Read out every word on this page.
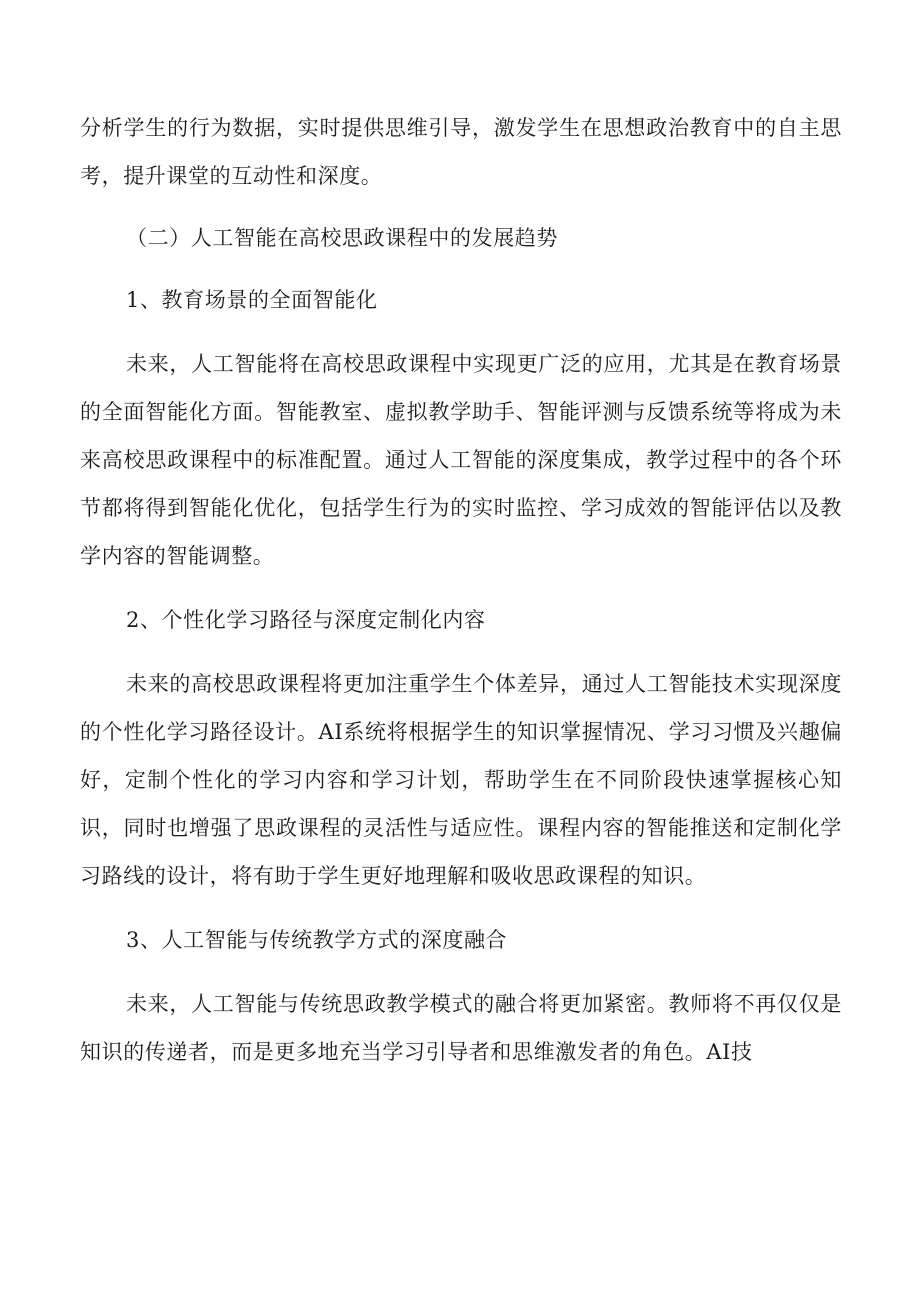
分析学生的行为数据，实时提供思维引导，激发学生在思想政治教育中的自主思考，提升课堂的互动性和深度。

（二）人工智能在高校思政课程中的发展趋势

1、教育场景的全面智能化

未来，人工智能将在高校思政课程中实现更广泛的应用，尤其是在教育场景的全面智能化方面。智能教室、虚拟教学助手、智能评测与反馈系统等将成为未来高校思政课程中的标准配置。通过人工智能的深度集成，教学过程中的各个环节都将得到智能化优化，包括学生行为的实时监控、学习成效的智能评估以及教学内容的智能调整。

2、个性化学习路径与深度定制化内容

未来的高校思政课程将更加注重学生个体差异，通过人工智能技术实现深度的个性化学习路径设计。AI系统将根据学生的知识掌握情况、学习习惯及兴趣偏好，定制个性化的学习内容和学习计划，帮助学生在不同阶段快速掌握核心知识，同时也增强了思政课程的灵活性与适应性。课程内容的智能推送和定制化学习路线的设计，将有助于学生更好地理解和吸收思政课程的知识。

3、人工智能与传统教学方式的深度融合

未来，人工智能与传统思政教学模式的融合将更加紧密。教师将不再仅仅是知识的传递者，而是更多地充当学习引导者和思维激发者的角色。AI技
